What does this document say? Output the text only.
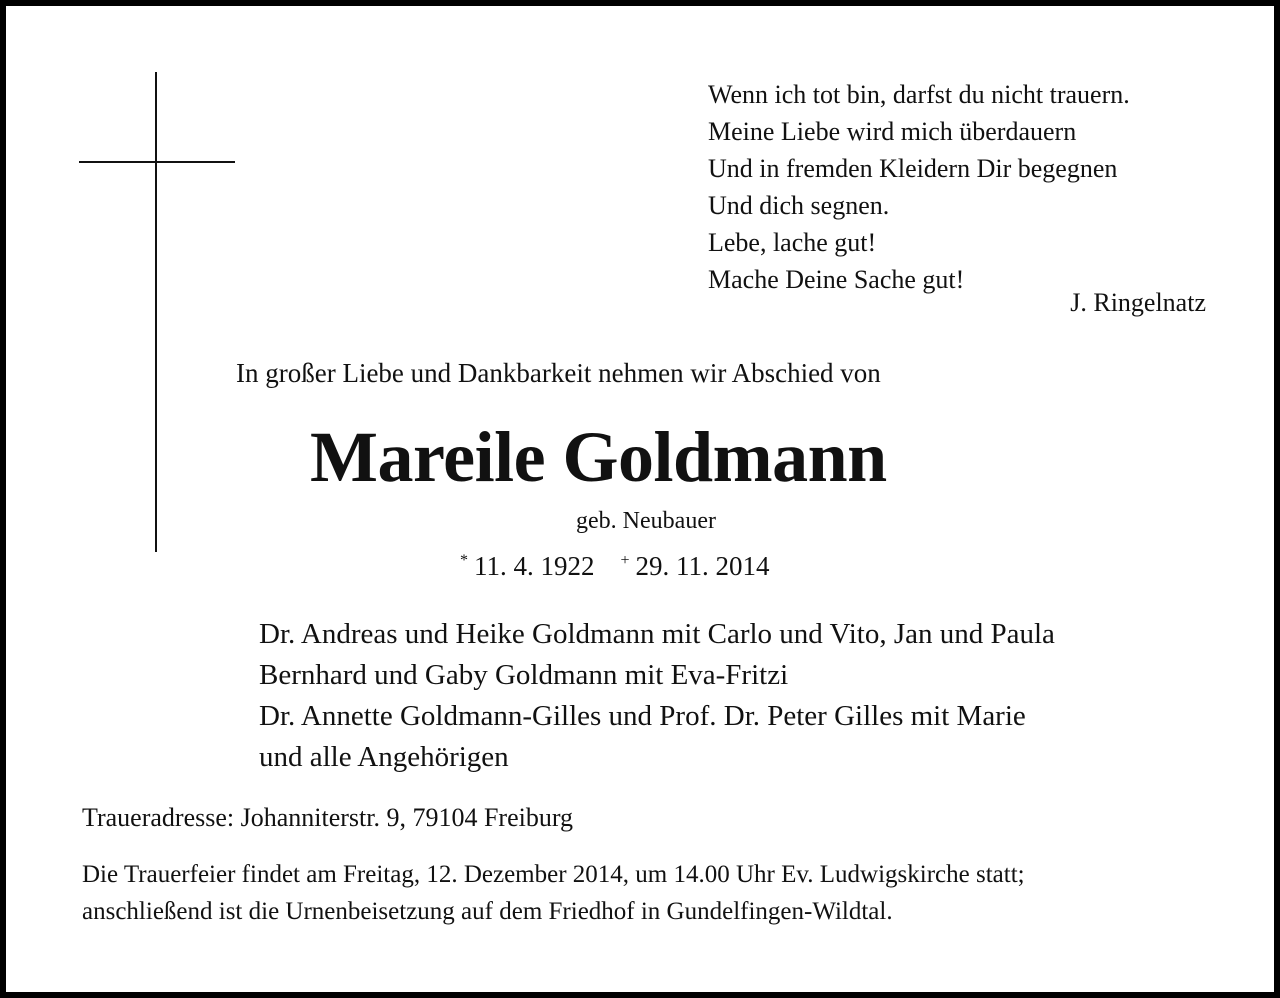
Wenn ich tot bin, darfst du nicht trauern.
Meine Liebe wird mich überdauern
Und in fremden Kleidern Dir begegnen
Und dich segnen.
Lebe, lache gut!
Mache Deine Sache gut!
J. Ringelnatz
In großer Liebe und Dankbarkeit nehmen wir Abschied von
Mareile Goldmann
geb. Neubauer
* 11. 4. 1922 + 29. 11. 2014
Dr. Andreas und Heike Goldmann mit Carlo und Vito, Jan und Paula
Bernhard und Gaby Goldmann mit Eva-Fritzi
Dr. Annette Goldmann-Gilles und Prof. Dr. Peter Gilles mit Marie
und alle Angehörigen
Traueradresse: Johanniterstr. 9, 79104 Freiburg
Die Trauerfeier findet am Freitag, 12. Dezember 2014, um 14.00 Uhr Ev. Ludwigskirche statt;
anschließend ist die Urnenbeisetzung auf dem Friedhof in Gundelfingen-Wildtal.
